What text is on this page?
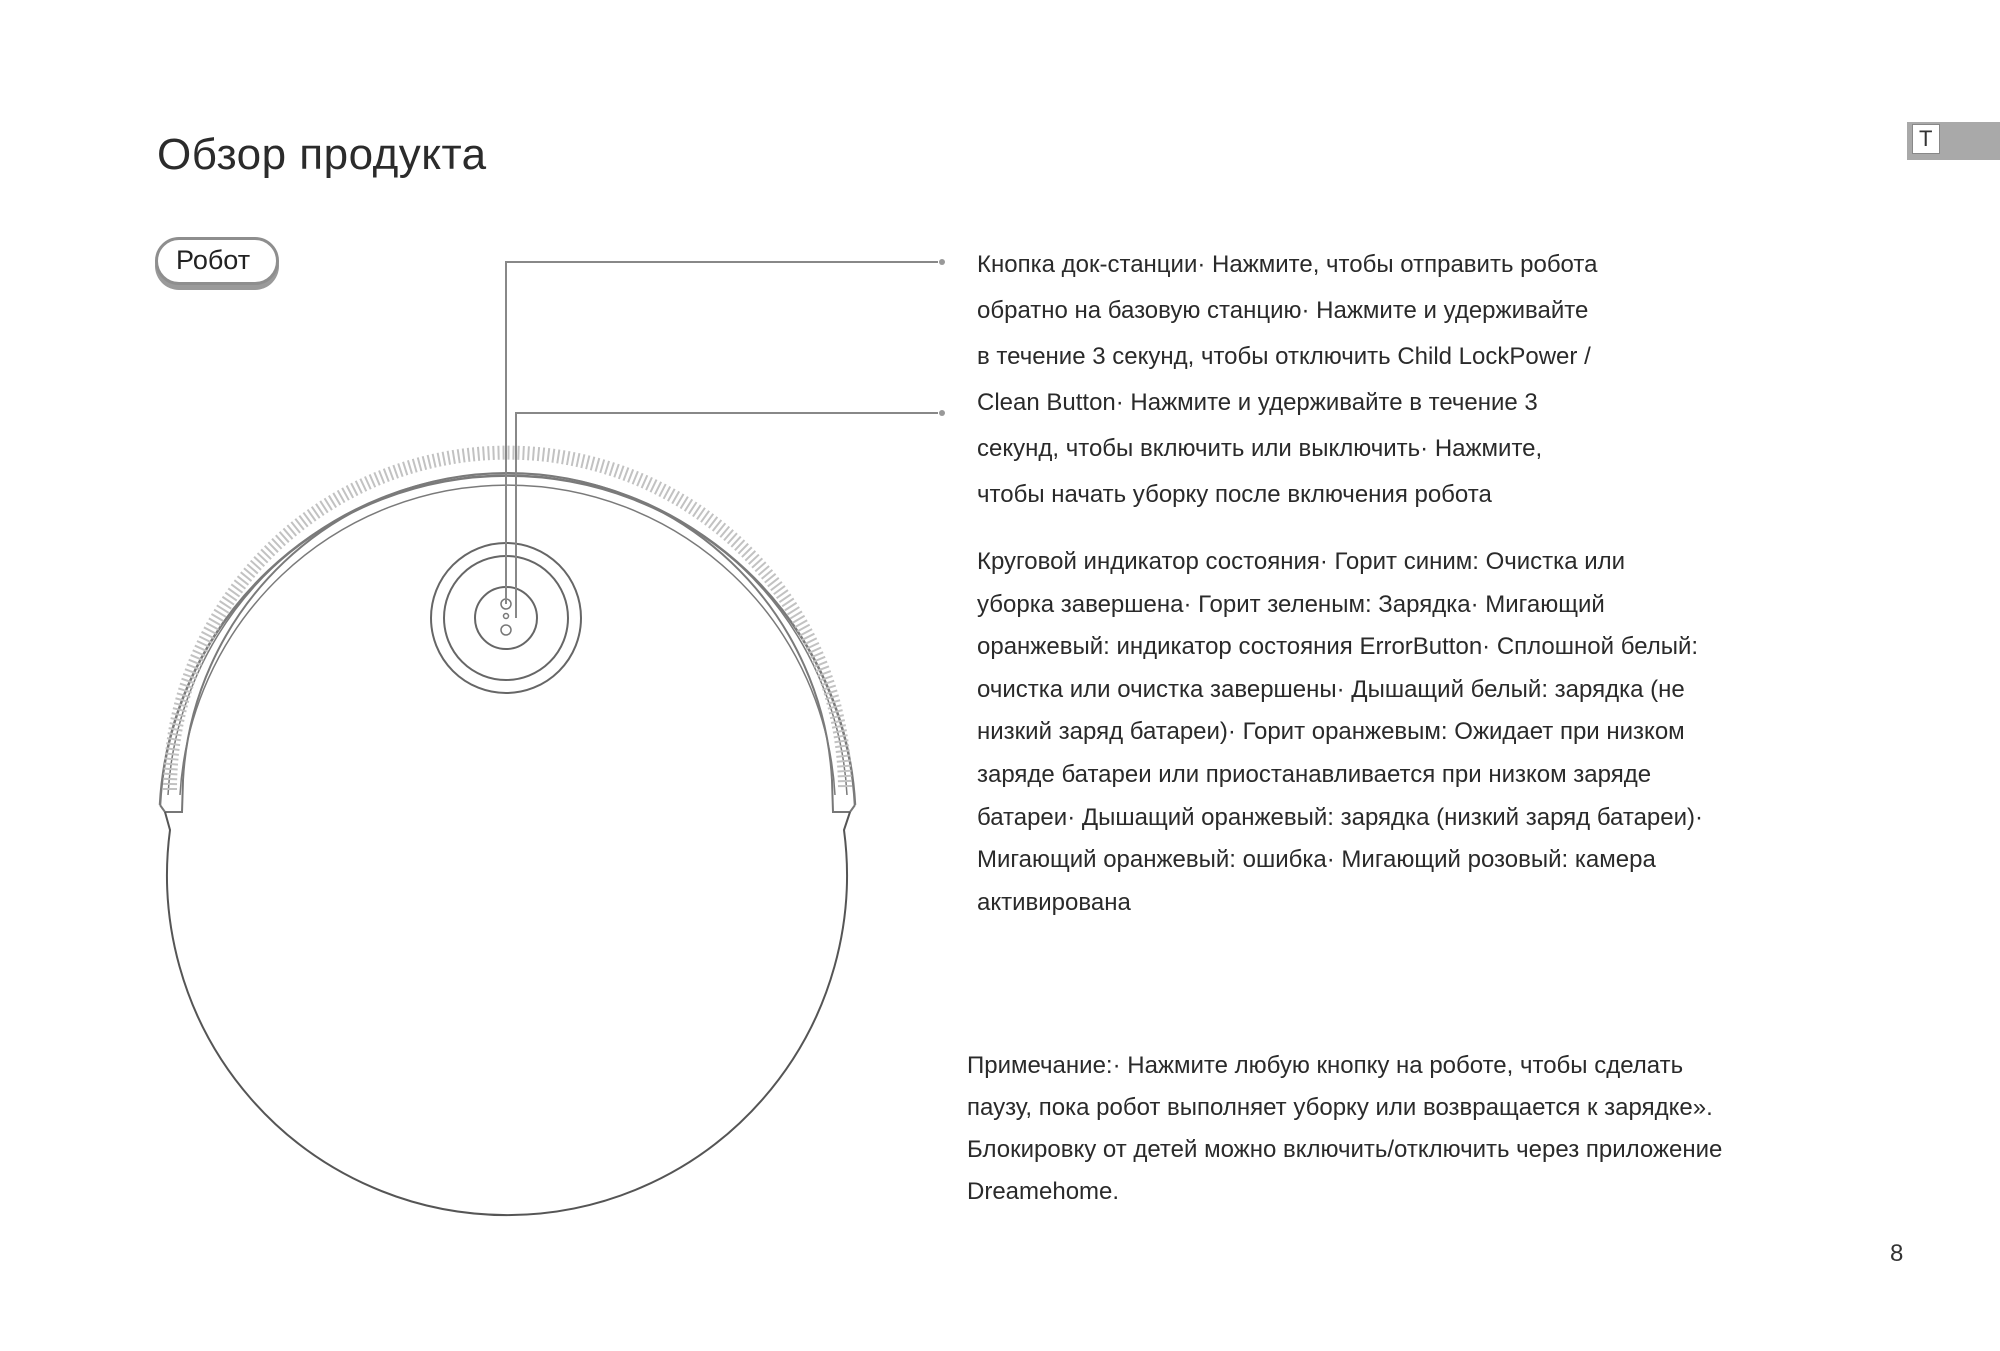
Обзор продукта
Робот
T

Кнопка док-станции· Нажмите, чтобы отправить робота
обратно на базовую станцию· Нажмите и удерживайте
в течение 3 секунд, чтобы отключить Child LockPower /
Clean Button· Нажмите и удерживайте в течение 3
секунд, чтобы включить или выключить· Нажмите,
чтобы начать уборку после включения робота

Круговой индикатор состояния· Горит синим: Очистка или
уборка завершена· Горит зеленым: Зарядка· Мигающий
оранжевый: индикатор состояния ErrorButton· Сплошной белый:
очистка или очистка завершены· Дышащий белый: зарядка (не
низкий заряд батареи)· Горит оранжевым: Ожидает при низком
заряде батареи или приостанавливается при низком заряде
батареи· Дышащий оранжевый: зарядка (низкий заряд батареи)·
Мигающий оранжевый: ошибка· Мигающий розовый: камера
активирована

Примечание:· Нажмите любую кнопку на роботе, чтобы сделать
паузу, пока робот выполняет уборку или возвращается к зарядке».
Блокировку от детей можно включить/отключить через приложение
Dreamehome.

8
